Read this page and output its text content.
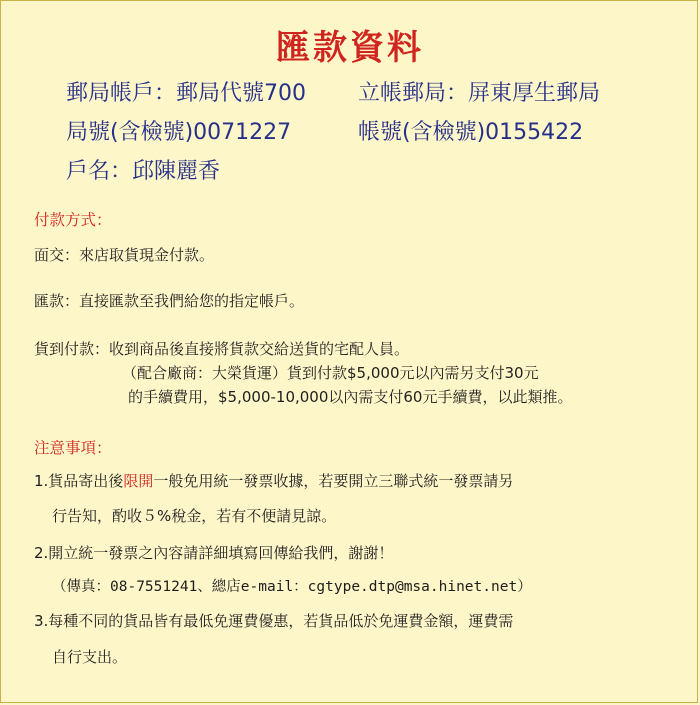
匯款資料
郵局帳戶：郵局代號700 立帳郵局：屏東厚生郵局
局號(含檢號)0071227	帳號(含檢號)0155422
戶名：邱陳麗香
付款方式：
面交：來店取貨現金付款。
匯款：直接匯款至我們給您的指定帳戶。
貨到付款：收到商品後直接將貨款交給送貨的宅配人員。
（配合廠商：大榮貨運）貨到付款$5,000元以內需另支付30元
的手續費用，$5,000-10,000以內需支付60元手續費，以此類推。
注意事項：
1.貨品寄出後限開一般免用統一發票收據，若要開立三聯式統一發票請另
行告知，酌收５%稅金，若有不便請見諒。
2.開立統一發票之內容請詳細填寫回傳給我們，謝謝！
（傳真：08-7551241、總店e-mail：cgtype.dtp@msa.hinet.net）
3.每種不同的貨品皆有最低免運費優惠，若貨品低於免運費金額，運費需
自行支出。
